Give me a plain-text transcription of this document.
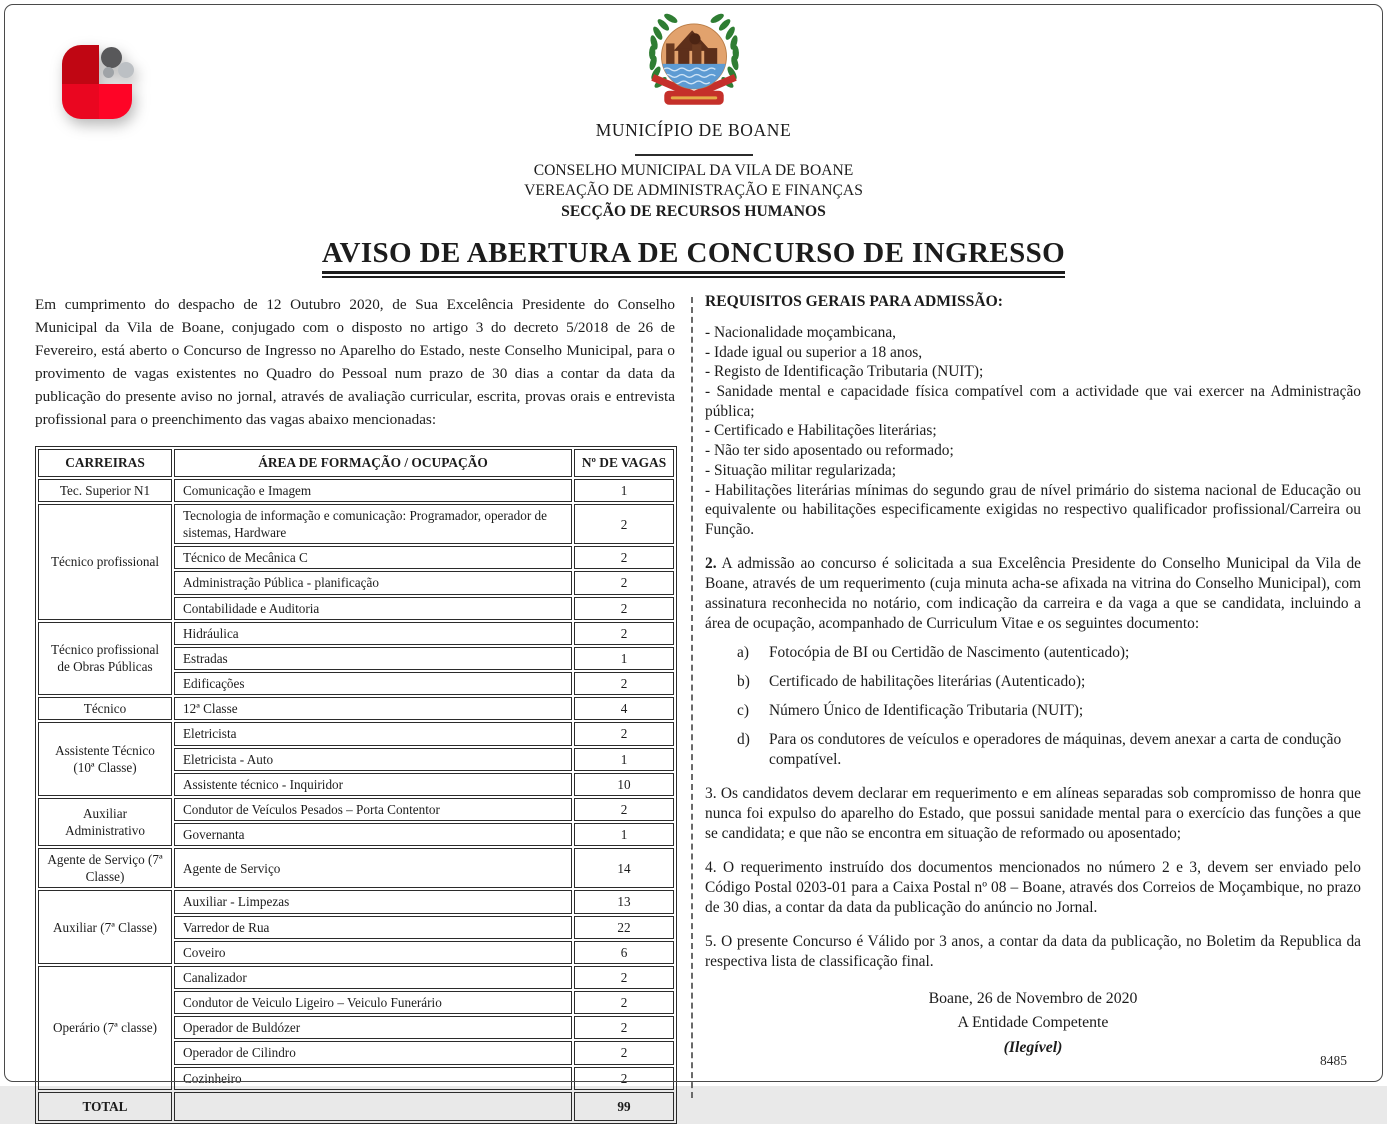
MUNICÍPIO DE BOANE
CONSELHO MUNICIPAL DA VILA DE BOANE
VEREAÇÃO DE ADMINISTRAÇÃO E FINANÇAS
SECÇÃO DE RECURSOS HUMANOS
AVISO DE ABERTURA DE CONCURSO DE INGRESSO

Em cumprimento do despacho de 12 Outubro 2020, de Sua Excelência Presidente do Conselho Municipal da Vila de Boane, conjugado com o disposto no artigo 3 do decreto 5/2018 de 26 de Fevereiro, está aberto o Concurso de Ingresso no Aparelho do Estado, neste Conselho Municipal, para o provimento de vagas existentes no Quadro do Pessoal num prazo de 30 dias a contar da data da publicação do presente aviso no jornal, através de avaliação curricular, escrita, provas orais e entrevista profissional para o preenchimento das vagas abaixo mencionadas:

CARREIRAS	ÁREA DE FORMAÇÃO / OCUPAÇÃO	Nº DE VAGAS
Tec. Superior N1	Comunicação e Imagem	1
Técnico profissional	Tecnologia de informação e comunicação: Programador, operador de sistemas, Hardware	2
	Técnico de Mecânica C	2
	Administração Pública - planificação	2
	Contabilidade e Auditoria	2
Técnico profissional de Obras Públicas	Hidráulica	2
	Estradas	1
	Edificações	2
Técnico	12ª Classe	4
Assistente Técnico (10ª Classe)	Eletricista	2
	Eletricista - Auto	1
	Assistente técnico - Inquiridor	10
Auxiliar Administrativo	Condutor de Veículos Pesados – Porta Contentor	2
	Governanta	1
Agente de Serviço (7ª Classe)	Agente de Serviço	14
Auxiliar (7ª Classe)	Auxiliar - Limpezas	13
	Varredor de Rua	22
	Coveiro	6
Operário (7ª classe)	Canalizador	2
	Condutor de Veiculo Ligeiro – Veiculo Funerário	2
	Operador de Buldózer	2
	Operador de Cilindro	2
	Cozinheiro	2
TOTAL		99
REQUISITOS GERAIS PARA ADMISSÃO:
- Nacionalidade moçambicana,
- Idade igual ou superior a 18 anos,
- Registo de Identificação Tributaria (NUIT);
- Sanidade mental e capacidade física compatível com a actividade que vai exercer na Administração pública;
- Certificado e Habilitações literárias;
- Não ter sido aposentado ou reformado;
- Situação militar regularizada;
- Habilitações literárias mínimas do segundo grau de nível primário do sistema nacional de Educação ou equivalente ou habilitações especificamente exigidas no respectivo qualificador profissional/Carreira ou Função.

2. A admissão ao concurso é solicitada a sua Excelência Presidente do Conselho Municipal da Vila de Boane, através de um requerimento (cuja minuta acha-se afixada na vitrina do Conselho Municipal), com assinatura reconhecida no notário, com indicação da carreira e da vaga a que se candidata, incluindo a área de ocupação, acompanhado de Curriculum Vitae e os seguintes documento:

a)	Fotocópia de BI ou Certidão de Nascimento (autenticado);
b)	Certificado de habilitações literárias (Autenticado);
c)	Número Único de Identificação Tributaria (NUIT);
d)	Para os condutores de veículos e operadores de máquinas, devem anexar a carta de condução compatível.

3. Os candidatos devem declarar em requerimento e em alíneas separadas sob compromisso de honra que nunca foi expulso do aparelho do Estado, que possui sanidade mental para o exercício das funções a que se candidata; e que não se encontra em situação de reformado ou aposentado;

4. O requerimento instruído dos documentos mencionados no número 2 e 3, devem ser enviado pelo Código Postal 0203-01 para a Caixa Postal nº 08 – Boane, através dos Correios de Moçambique, no prazo de 30 dias, a contar da data da publicação do anúncio no Jornal.

5. O presente Concurso é Válido por 3 anos, a contar da data da publicação, no Boletim da Republica da respectiva lista de classificação final.

Boane, 26 de Novembro de 2020
A Entidade Competente
(Ilegível)
8485
